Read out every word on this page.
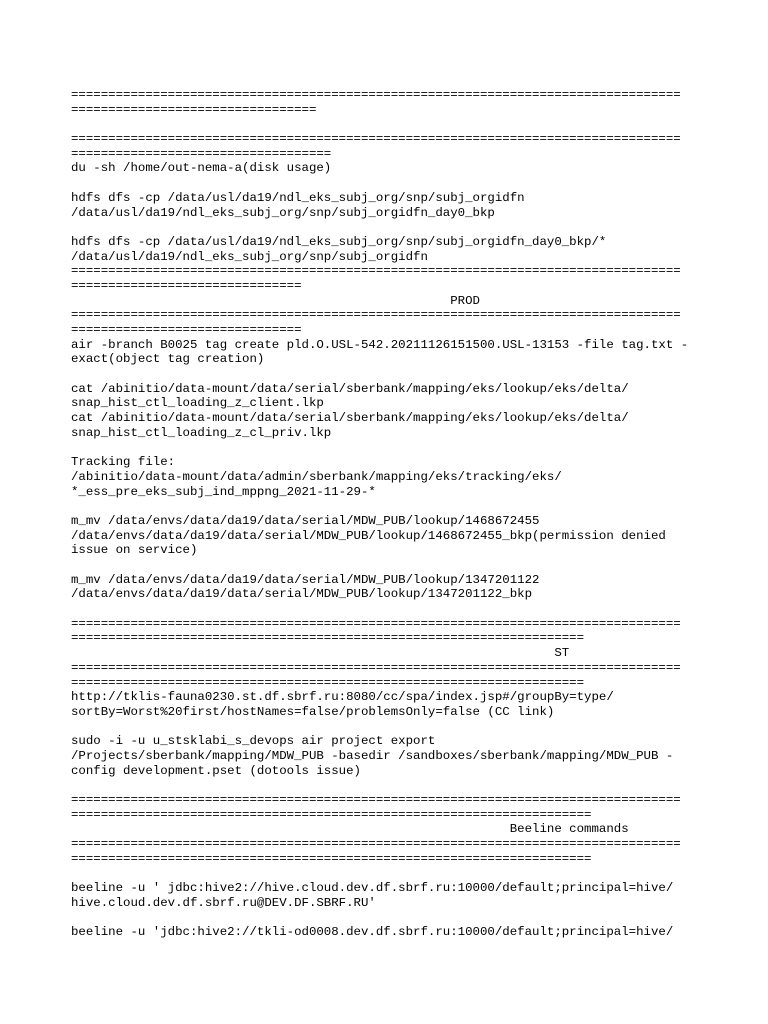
==================================================================================
=================================
==================================================================================
===================================
du -sh /home/out-nema-a(disk usage)
hdfs dfs -cp /data/usl/da19/ndl_eks_subj_org/snp/subj_orgidfn
/data/usl/da19/ndl_eks_subj_org/snp/subj_orgidfn_day0_bkp
hdfs dfs -cp /data/usl/da19/ndl_eks_subj_org/snp/subj_orgidfn_day0_bkp/*
/data/usl/da19/ndl_eks_subj_org/snp/subj_orgidfn
==================================================================================
===============================
PROD
==================================================================================
===============================
air -branch B0025 tag create pld.O.USL-542.20211126151500.USL-13153 -file tag.txt -
exact(object tag creation)
cat /abinitio/data-mount/data/serial/sberbank/mapping/eks/lookup/eks/delta/
snap_hist_ctl_loading_z_client.lkp
cat /abinitio/data-mount/data/serial/sberbank/mapping/eks/lookup/eks/delta/
snap_hist_ctl_loading_z_cl_priv.lkp
Tracking file:
/abinitio/data-mount/data/admin/sberbank/mapping/eks/tracking/eks/
*_ess_pre_eks_subj_ind_mppng_2021-11-29-*
m_mv /data/envs/data/da19/data/serial/MDW_PUB/lookup/1468672455
/data/envs/data/da19/data/serial/MDW_PUB/lookup/1468672455_bkp(permission denied
issue on service)
m_mv /data/envs/data/da19/data/serial/MDW_PUB/lookup/1347201122
/data/envs/data/da19/data/serial/MDW_PUB/lookup/1347201122_bkp
==================================================================================
=====================================================================
ST
==================================================================================
=====================================================================
http://tklis-fauna0230.st.df.sbrf.ru:8080/cc/spa/index.jsp#/groupBy=type/
sortBy=Worst%20first/hostNames=false/problemsOnly=false (CC link)
sudo -i -u u_stsklabi_s_devops air project export
/Projects/sberbank/mapping/MDW_PUB -basedir /sandboxes/sberbank/mapping/MDW_PUB -
config development.pset (dotools issue)
==================================================================================
======================================================================
Beeline commands
==================================================================================
======================================================================
beeline -u ' jdbc:hive2://hive.cloud.dev.df.sbrf.ru:10000/default;principal=hive/
hive.cloud.dev.df.sbrf.ru@DEV.DF.SBRF.RU'
beeline -u 'jdbc:hive2://tkli-od0008.dev.df.sbrf.ru:10000/default;principal=hive/
